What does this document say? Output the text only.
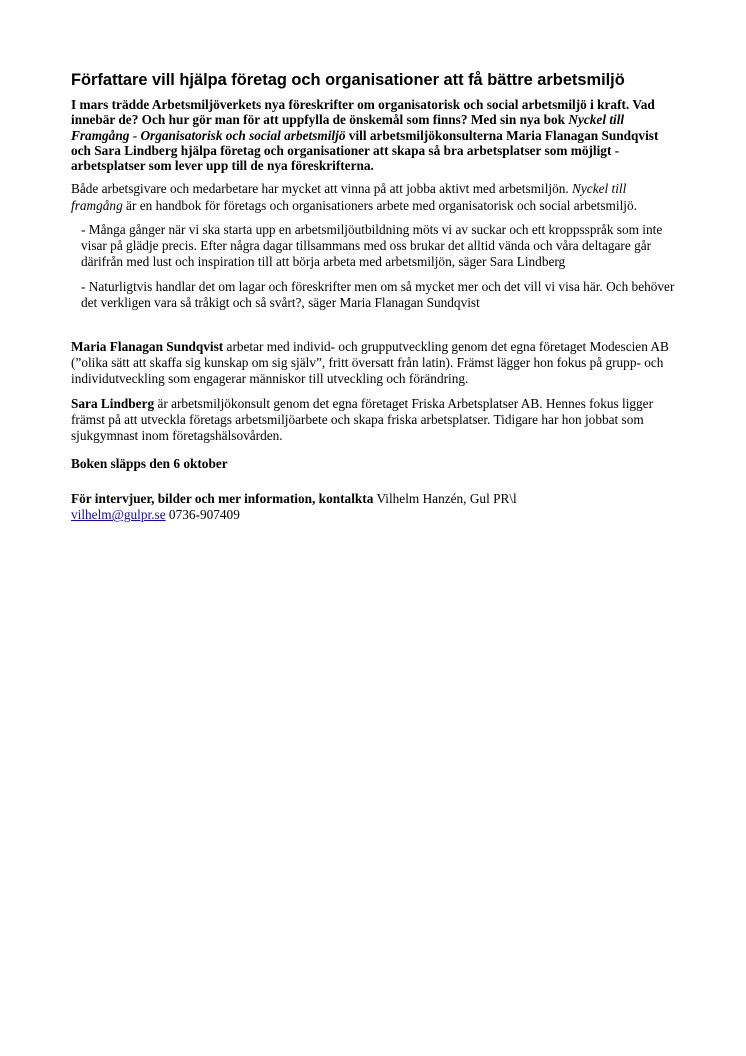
Författare vill hjälpa företag och organisationer att få bättre arbetsmiljö

I mars trädde Arbetsmiljöverkets nya föreskrifter om organisatorisk och social arbetsmiljö i kraft. Vad innebär de? Och hur gör man för att uppfylla de önskemål som finns? Med sin nya bok Nyckel till Framgång - Organisatorisk och social arbetsmiljö vill arbetsmiljökonsulterna Maria Flanagan Sundqvist och Sara Lindberg hjälpa företag och organisationer att skapa så bra arbetsplatser som möjligt - arbetsplatser som lever upp till de nya föreskrifterna.

Både arbetsgivare och medarbetare har mycket att vinna på att jobba aktivt med arbetsmiljön. Nyckel till framgång är en handbok för företags och organisationers arbete med organisatorisk och social arbetsmiljö.

- Många gånger när vi ska starta upp en arbetsmiljöutbildning möts vi av suckar och ett kroppsspråk som inte visar på glädje precis. Efter några dagar tillsammans med oss brukar det alltid vända och våra deltagare går därifrån med lust och inspiration till att börja arbeta med arbetsmiljön, säger Sara Lindberg

- Naturligtvis handlar det om lagar och föreskrifter men om så mycket mer och det vill vi visa här. Och behöver det verkligen vara så tråkigt och så svårt?, säger Maria Flanagan Sundqvist

Maria Flanagan Sundqvist arbetar med individ- och grupputveckling genom det egna företaget Modescien AB (”olika sätt att skaffa sig kunskap om sig själv”, fritt översatt från latin). Främst lägger hon fokus på grupp- och individutveckling som engagerar människor till utveckling och förändring.

Sara Lindberg är arbetsmiljökonsult genom det egna företaget Friska Arbetsplatser AB. Hennes fokus ligger främst på att utveckla företags arbetsmiljöarbete och skapa friska arbetsplatser. Tidigare har hon jobbat som sjukgymnast inom företagshälsovården.

Boken släpps den 6 oktober

För intervjuer, bilder och mer information, kontalkta Vilhelm Hanzén, Gul PR\l
vilhelm@gulpr.se 0736-907409
